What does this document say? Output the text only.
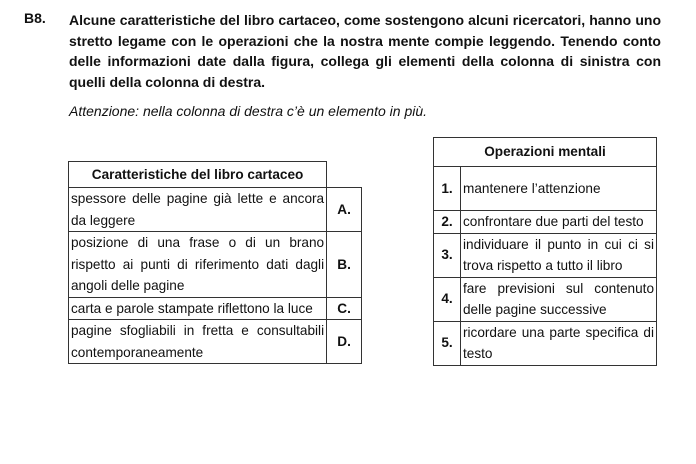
B8. Alcune caratteristiche del libro cartaceo, come sostengono alcuni ricercatori, hanno uno stretto legame con le operazioni che la nostra mente compie leggendo. Tenendo conto delle informazioni date dalla figura, collega gli elementi della colonna di sinistra con quelli della colonna di destra.
Attenzione: nella colonna di destra c’è un elemento in più.
Caratteristiche del libro cartaceo	
spessore delle pagine già lette e ancora da leggere	A.
posizione di una frase o di un brano rispetto ai punti di riferimento dati dagli angoli delle pagine	B.
carta e parole stampate riflettono la luce	C.
pagine sfogliabili in fretta e consultabili contemporaneamente	D.
Operazioni mentali	
1.	mantenere l’attenzione
2.	confrontare due parti del testo
3.	individuare il punto in cui ci si trova rispetto a tutto il libro
4.	fare previsioni sul contenuto delle pagine successive
5.	ricordare una parte specifica di testo
